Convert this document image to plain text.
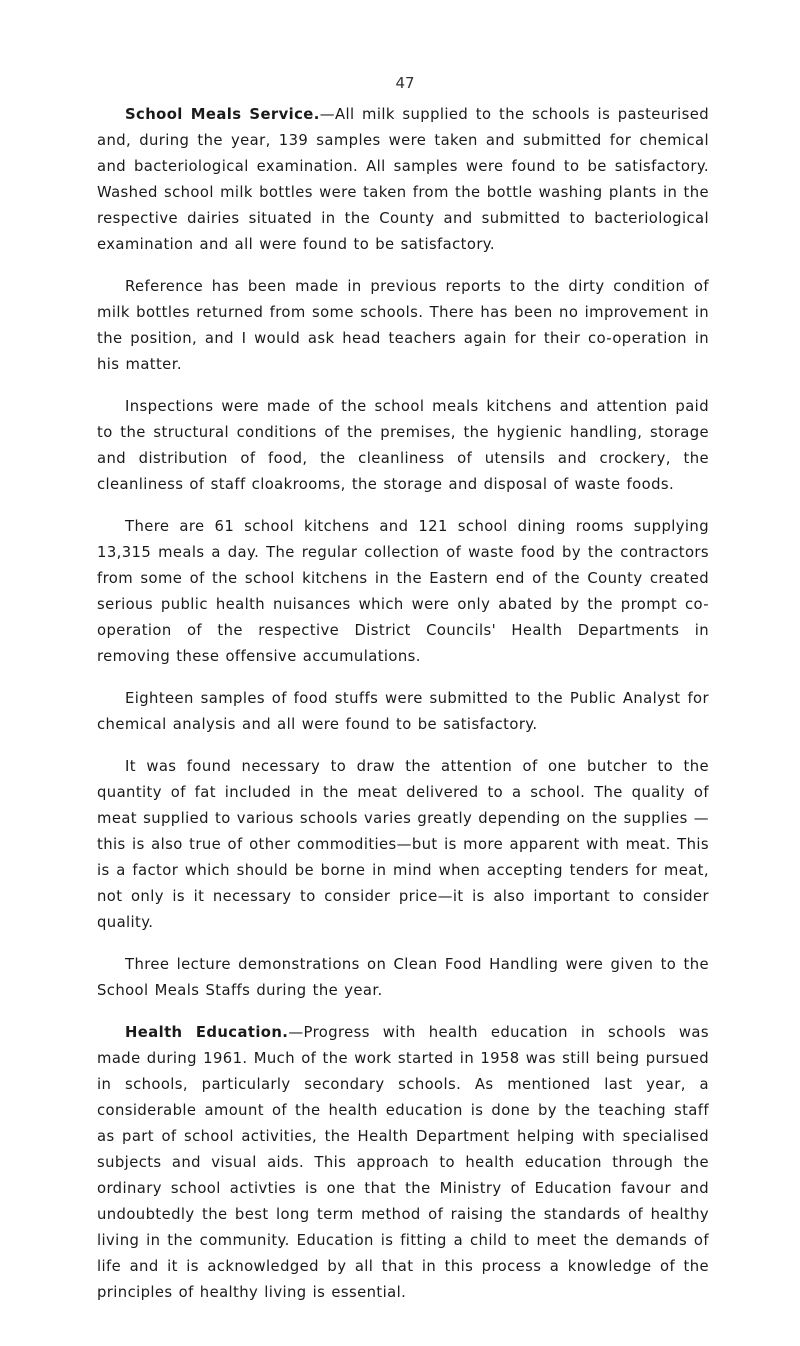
47

School Meals Service.—All milk supplied to the schools is pasteurised and, during the year, 139 samples were taken and submitted for chemical and bacteriological examination. All samples were found to be satisfactory. Washed school milk bottles were taken from the bottle washing plants in the respective dairies situated in the County and submitted to bacteriological examination and all were found to be satisfactory.

Reference has been made in previous reports to the dirty condition of milk bottles returned from some schools. There has been no improvement in the position, and I would ask head teachers again for their co-operation in his matter.

Inspections were made of the school meals kitchens and attention paid to the structural conditions of the premises, the hygienic handling, storage and distribution of food, the cleanliness of utensils and crockery, the cleanliness of staff cloakrooms, the storage and disposal of waste foods.

There are 61 school kitchens and 121 school dining rooms supplying 13,315 meals a day. The regular collection of waste food by the contractors from some of the school kitchens in the Eastern end of the County created serious public health nuisances which were only abated by the prompt co-operation of the respective District Councils' Health Departments in removing these offensive accumulations.

Eighteen samples of food stuffs were submitted to the Public Analyst for chemical analysis and all were found to be satisfactory.

It was found necessary to draw the attention of one butcher to the quantity of fat included in the meat delivered to a school. The quality of meat supplied to various schools varies greatly depending on the supplies —this is also true of other commodities—but is more apparent with meat. This is a factor which should be borne in mind when accepting tenders for meat, not only is it necessary to consider price—it is also important to consider quality.

Three lecture demonstrations on Clean Food Handling were given to the School Meals Staffs during the year.

Health Education.—Progress with health education in schools was made during 1961. Much of the work started in 1958 was still being pursued in schools, particularly secondary schools. As mentioned last year, a considerable amount of the health education is done by the teaching staff as part of school activities, the Health Department helping with specialised subjects and visual aids. This approach to health education through the ordinary school activties is one that the Ministry of Education favour and undoubtedly the best long term method of raising the standards of healthy living in the community. Education is fitting a child to meet the demands of life and it is acknowledged by all that in this process a knowledge of the principles of healthy living is essential.
